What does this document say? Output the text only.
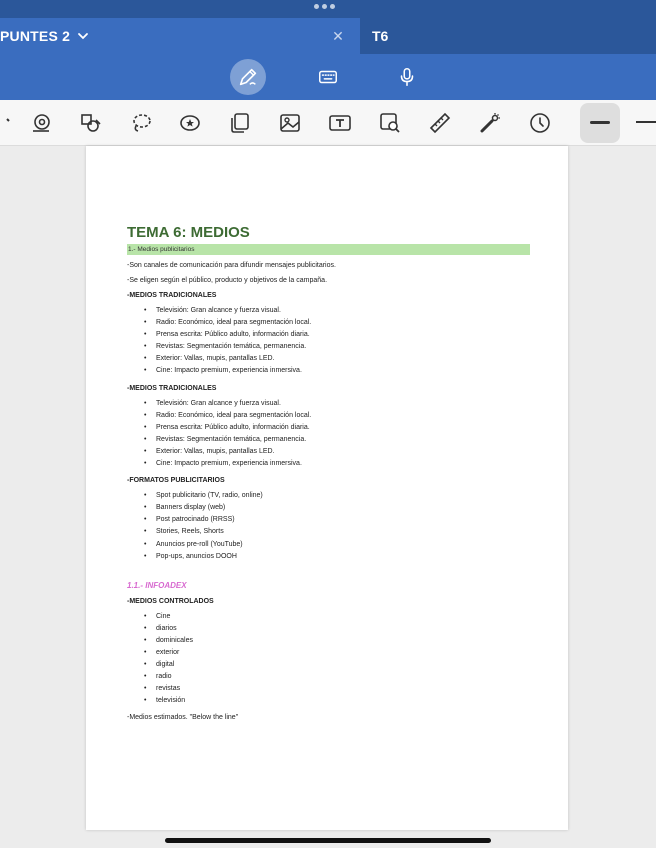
PUNTES 2	✕ T6
TEMA 6: MEDIOS
1.- Medios publicitarios
-Son canales de comunicación para difundir mensajes publicitarios.
-Se eligen según el público, producto y objetivos de la campaña.
-MEDIOS TRADICIONALES
• Televisión: Gran alcance y fuerza visual.
• Radio: Económico, ideal para segmentación local.
• Prensa escrita: Público adulto, información diaria.
• Revistas: Segmentación temática, permanencia.
• Exterior: Vallas, mupis, pantallas LED.
• Cine: Impacto premium, experiencia inmersiva.
-MEDIOS TRADICIONALES
• Televisión: Gran alcance y fuerza visual.
• Radio: Económico, ideal para segmentación local.
• Prensa escrita: Público adulto, información diaria.
• Revistas: Segmentación temática, permanencia.
• Exterior: Vallas, mupis, pantallas LED.
• Cine: Impacto premium, experiencia inmersiva.
-FORMATOS PUBLICITARIOS
• Spot publicitario (TV, radio, online)
• Banners display (web)
• Post patrocinado (RRSS)
• Stories, Reels, Shorts
• Anuncios pre-roll (YouTube)
• Pop-ups, anuncios DOOH
1.1.- INFOADEX
-MEDIOS CONTROLADOS
• Cine
• diarios
• dominicales
• exterior
• digital
• radio
• revistas
• televisión
-Medios estimados. "Below the line"
